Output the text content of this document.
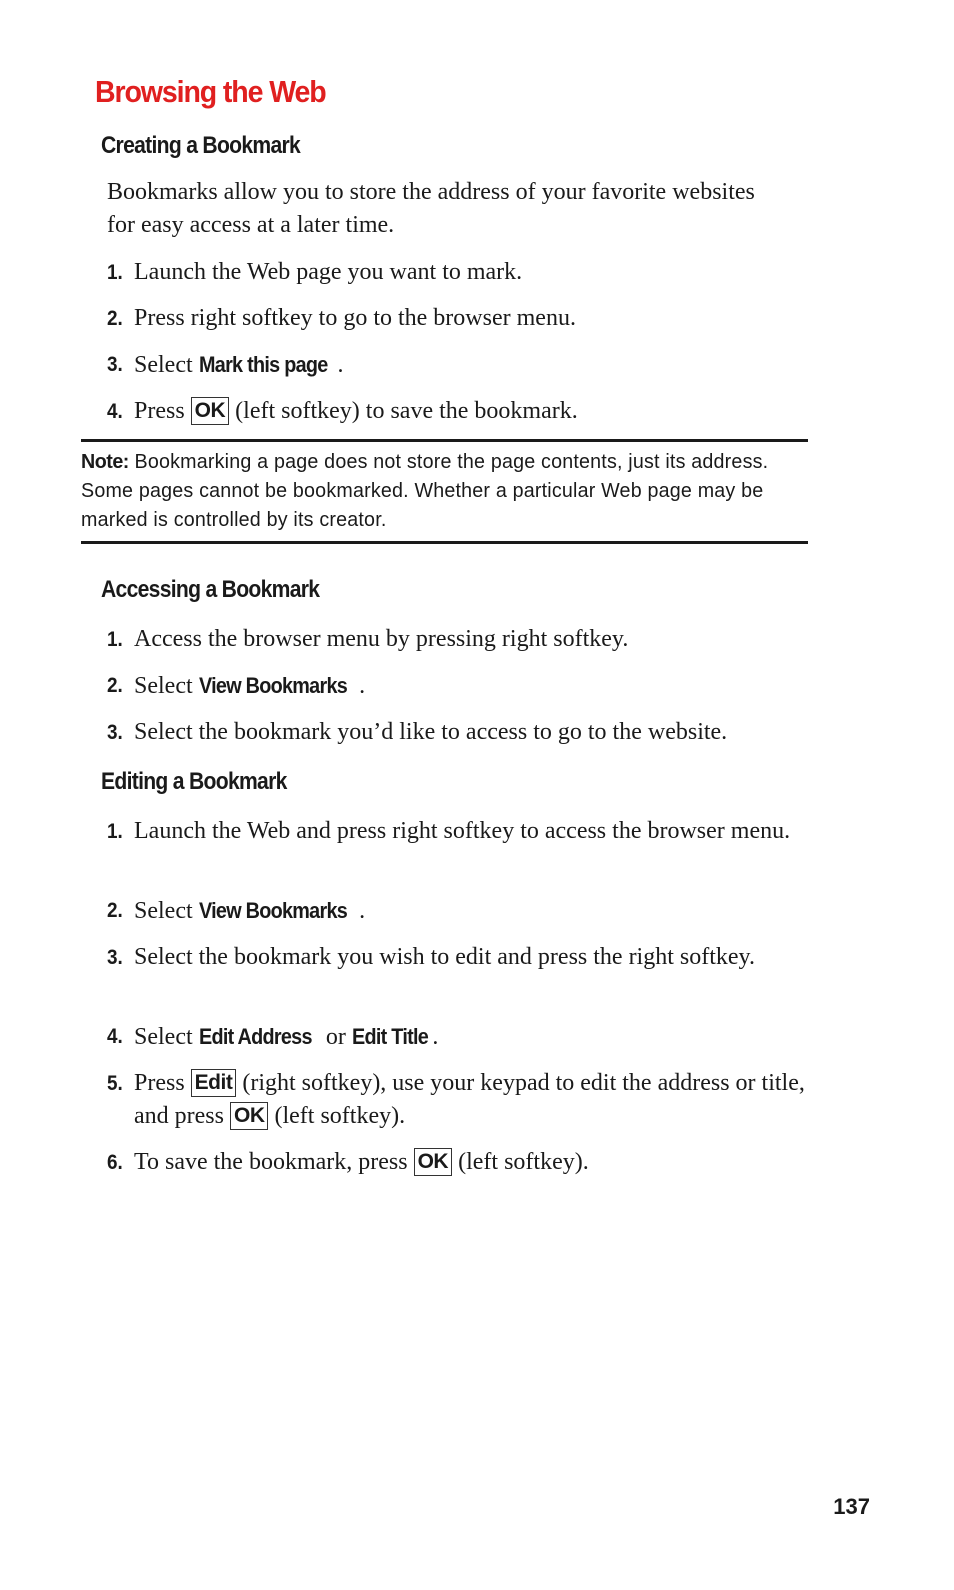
Browsing the Web
Creating a Bookmark

Bookmarks allow you to store the address of your favorite websites for easy access at a later time.

1. Launch the Web page you want to mark.
2. Press right softkey to go to the browser menu.
3. Select Mark this page .
4. Press OK (left softkey) to save the bookmark.
Note: Bookmarking a page does not store the page contents, just its address. Some pages cannot be bookmarked. Whether a particular Web page may be marked is controlled by its creator.
Accessing a Bookmark
1. Access the browser menu by pressing right softkey.
2. Select View Bookmarks .
3. Select the bookmark you’d like to access to go to the website.
Editing a Bookmark
1. Launch the Web and press right softkey to access the browser menu.
2. Select View Bookmarks .
3. Select the bookmark you wish to edit and press the right softkey.
4. Select Edit Address or Edit Title .
5. Press Edit (right softkey), use your keypad to edit the address or title, and press OK (left softkey).
6. To save the bookmark, press OK (left softkey).
137
